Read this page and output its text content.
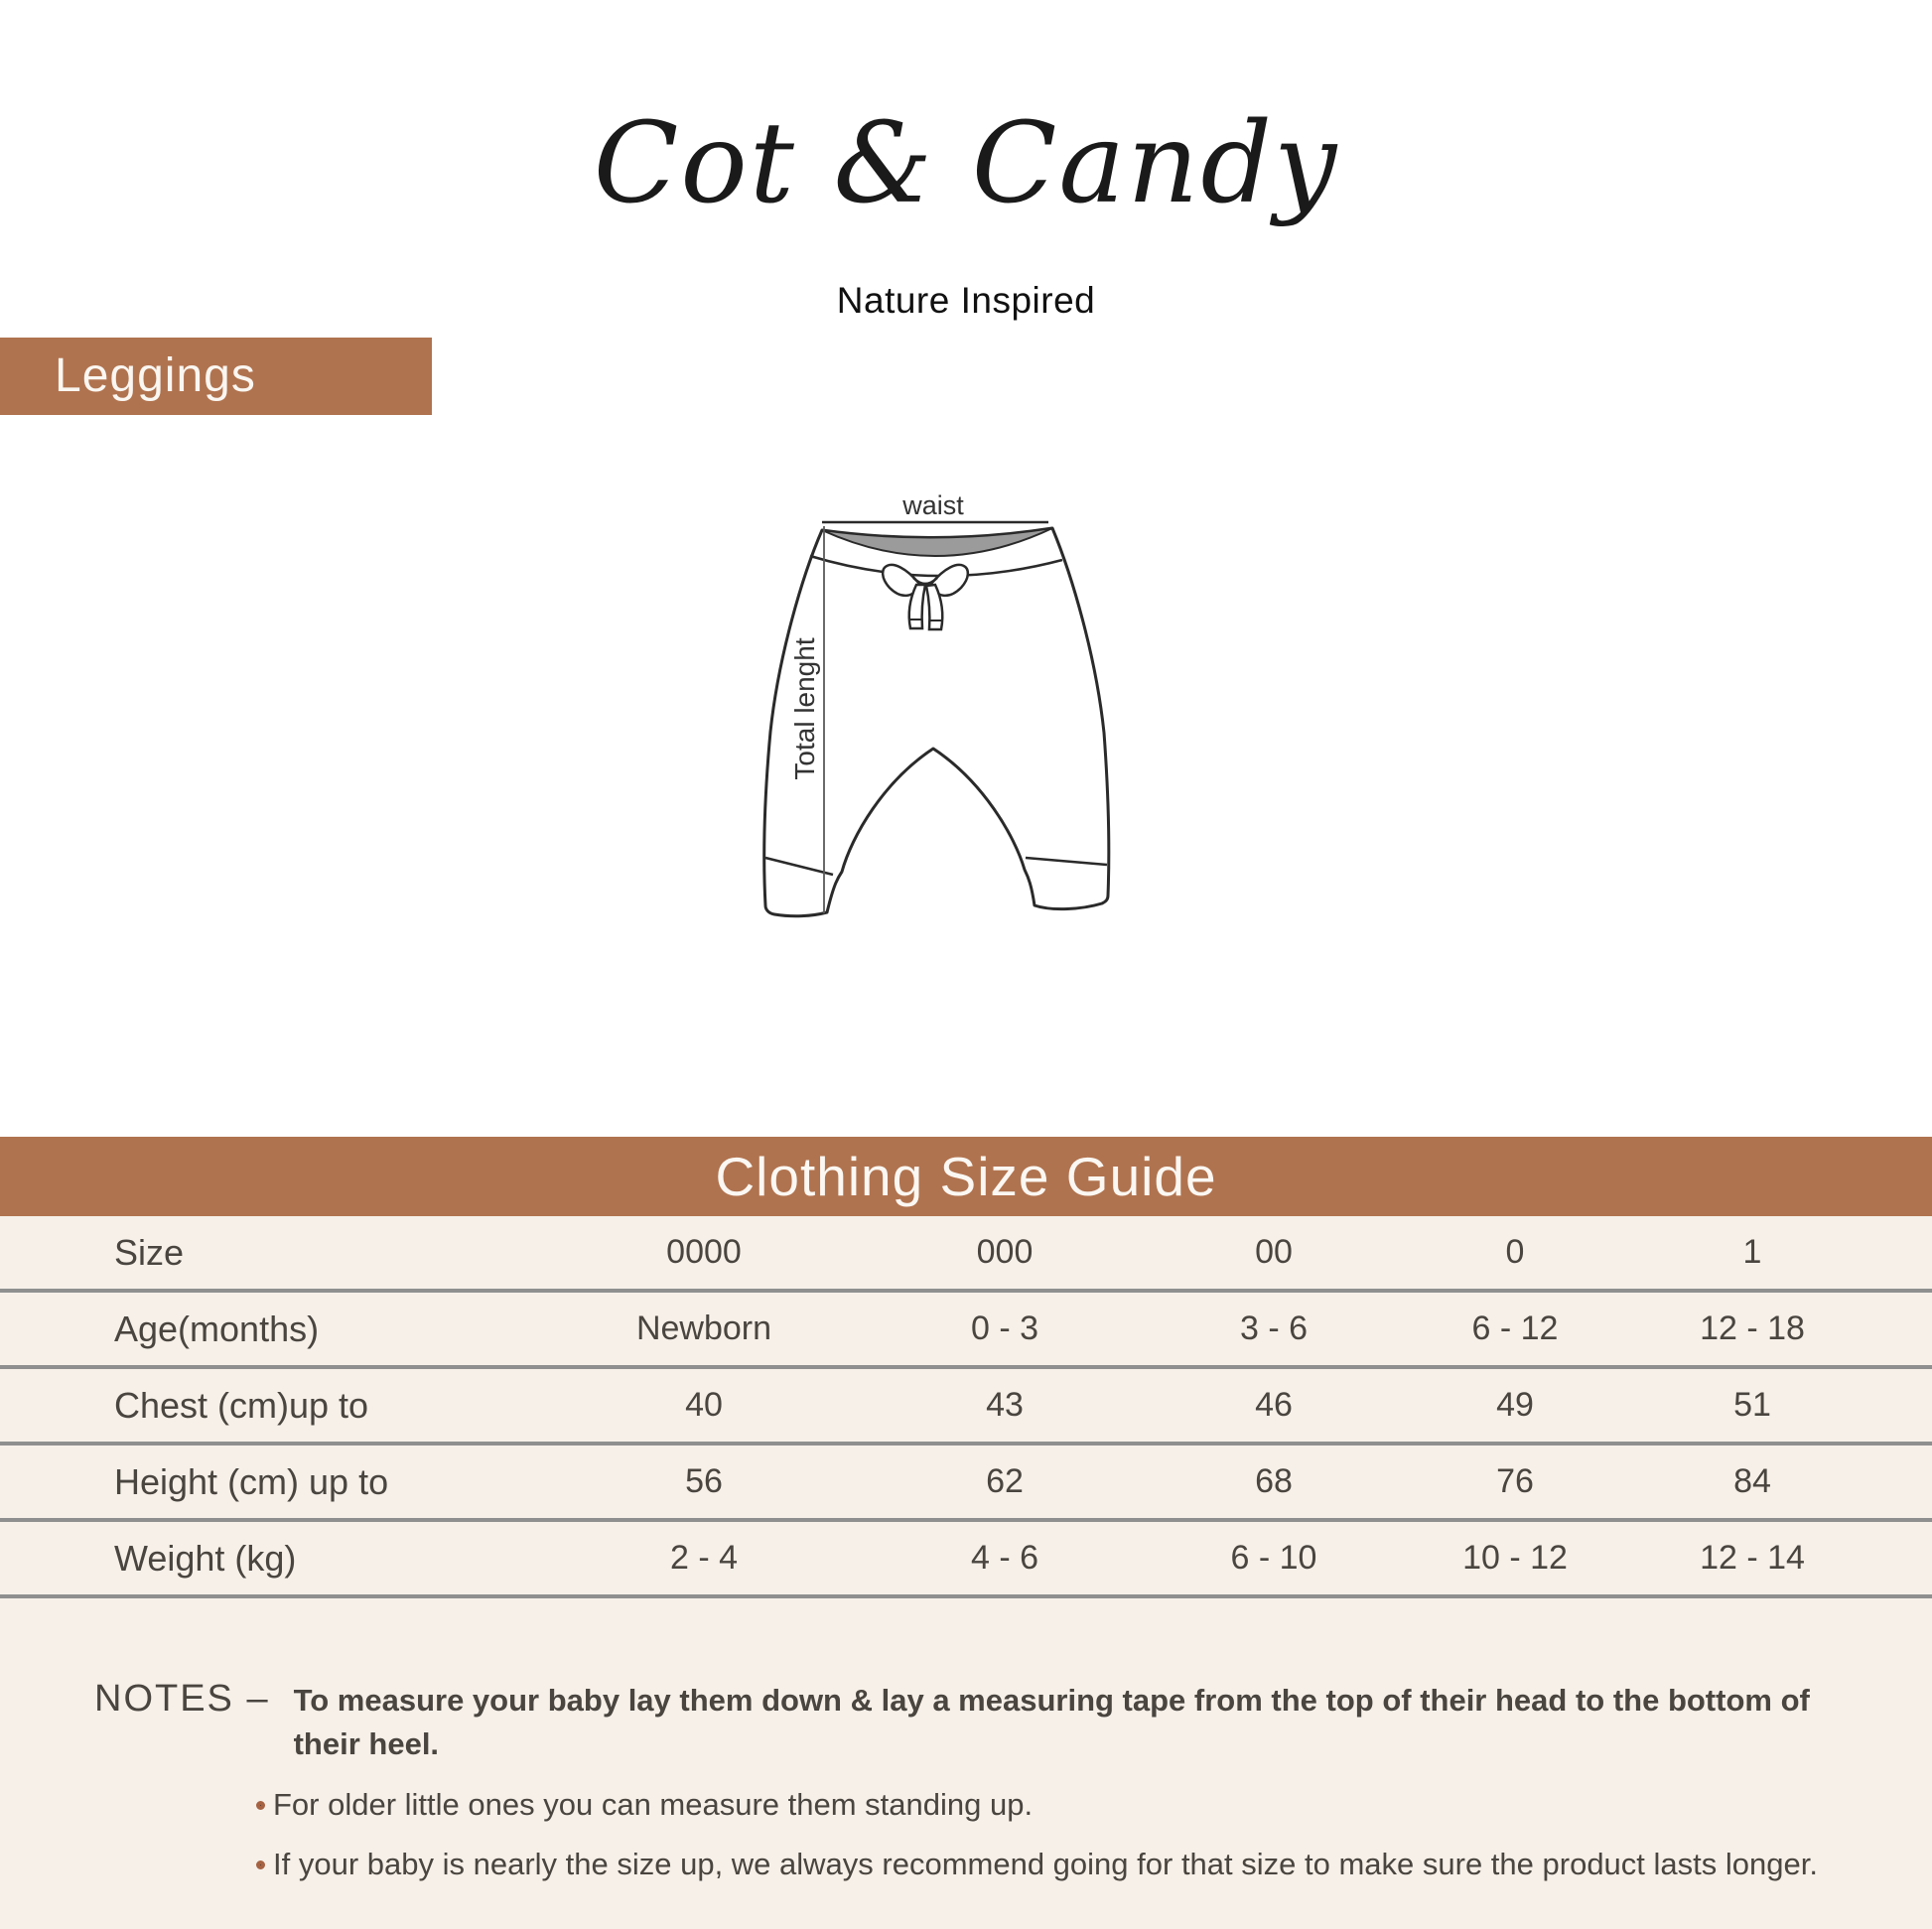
Cot & Candy
Nature Inspired
Leggings
waist
Total lenght
Clothing Size Guide
Size	0000	000	00	0	1
Age(months)	Newborn	0 - 3	3 - 6	6 - 12	12 - 18
Chest (cm)up to	40	43	46	49	51
Height (cm) up to	56	62	68	76	84
Weight (kg)	2 - 4	4 - 6	6 - 10	10 - 12	12 - 14
NOTES – To measure your baby lay them down & lay a measuring tape from the top of their head to the bottom of their heel.
For older little ones you can measure them standing up.
If your baby is nearly the size up, we always recommend going for that size to make sure the product lasts longer.
